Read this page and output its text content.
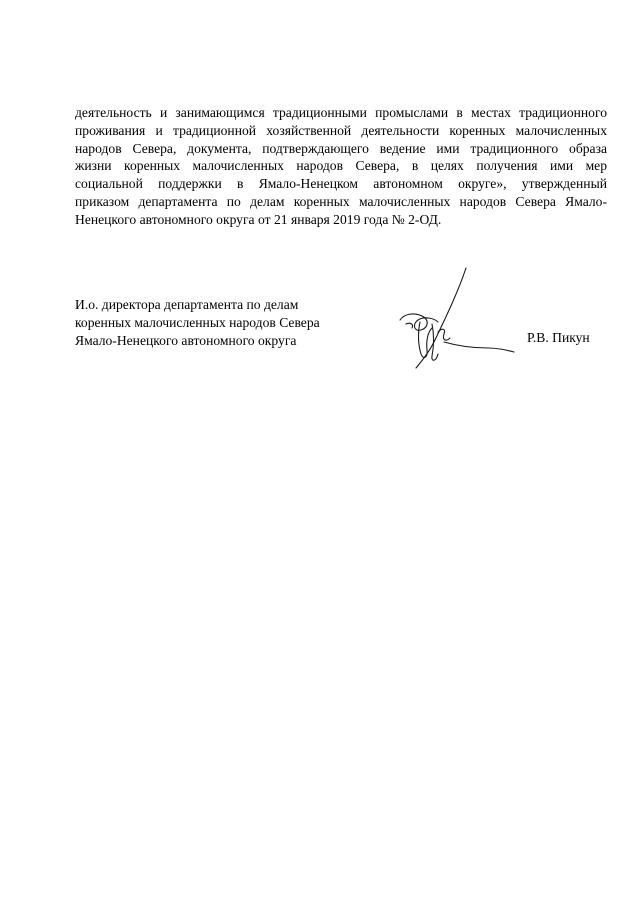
деятельность и занимающимся традиционными промыслами в местах традиционного
проживания и традиционной хозяйственной деятельности коренных малочисленных
народов Севера, документа, подтверждающего ведение ими традиционного образа
жизни коренных малочисленных народов Севера, в целях получения ими мер
социальной поддержки в Ямало-Ненецком автономном округе», утвержденный
приказом департамента по делам коренных малочисленных народов Севера Ямало-
Ненецкого автономного округа от 21 января 2019 года № 2-ОД.
И.о. директора департамента по делам
коренных малочисленных народов Севера
Ямало-Ненецкого автономного округа	Р.В. Пикун
